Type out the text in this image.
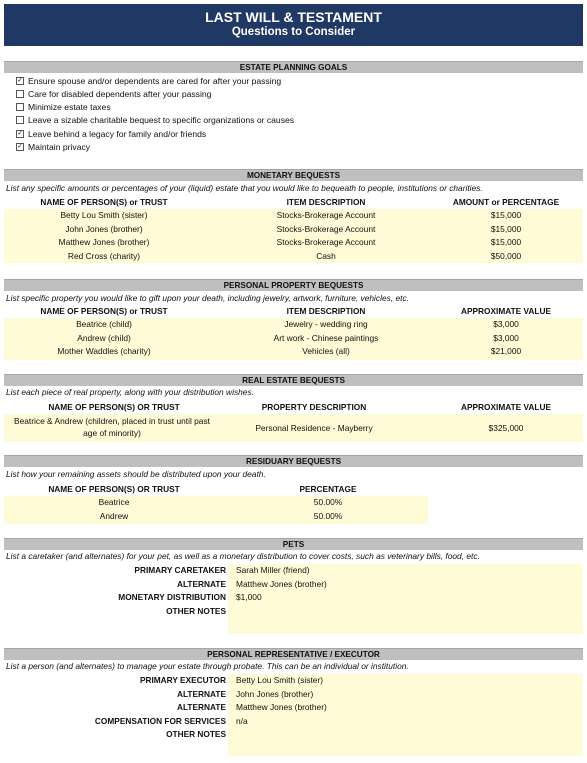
LAST WILL & TESTAMENT
Questions to Consider
ESTATE PLANNING GOALS
✓ Ensure spouse and/or dependents are cared for after your passing
Care for disabled dependents after your passing
Minimize estate taxes
Leave a sizable charitable bequest to specific organizations or causes
✓ Leave behind a legacy for family and/or friends
✓ Maintain privacy
MONETARY BEQUESTS
List any specific amounts or percentages of your (liquid) estate that you would like to bequeath to people, institutions or charities.
NAME OF PERSON(S) or TRUST	ITEM DESCRIPTION	AMOUNT or PERCENTAGE
Betty Lou Smith (sister)	Stocks-Brokerage Account	$15,000
John Jones (brother)	Stocks-Brokerage Account	$15,000
Matthew Jones (brother)	Stocks-Brokerage Account	$15,000
Red Cross (charity)	Cash	$50,000
PERSONAL PROPERTY BEQUESTS
List specific property you would like to gift upon your death, including jewelry, artwork, furniture, vehicles, etc.
NAME OF PERSON(S) or TRUST	ITEM DESCRIPTION	APPROXIMATE VALUE
Beatrice (child)	Jewelry - wedding ring	$3,000
Andrew (child)	Art work - Chinese paintings	$3,000
Mother Waddles (charity)	Vehicles (all)	$21,000
REAL ESTATE BEQUESTS
List each piece of real property, along with your distribution wishes.
NAME OF PERSON(S) OR TRUST	PROPERTY DESCRIPTION	APPROXIMATE VALUE
Beatrice & Andrew (children, placed in trust until past age of minority)	Personal Residence - Mayberry	$325,000
RESIDUARY BEQUESTS
List how your remaining assets should be distributed upon your death.
NAME OF PERSON(S) OR TRUST	PERCENTAGE
Beatrice	50.00%
Andrew	50.00%
PETS
List a caretaker (and alternates) for your pet, as well as a monetary distribution to cover costs, such as veterinary bills, food, etc.
PRIMARY CARETAKER Sarah Miller (friend)
ALTERNATE Matthew Jones (brother)
MONETARY DISTRIBUTION $1,000
OTHER NOTES
PERSONAL REPRESENTATIVE / EXECUTOR
List a person (and alternates) to manage your estate through probate. This can be an individual or institution.
PRIMARY EXECUTOR Betty Lou Smith (sister)
ALTERNATE John Jones (brother)
ALTERNATE Matthew Jones (brother)
COMPENSATION FOR SERVICES n/a
OTHER NOTES
